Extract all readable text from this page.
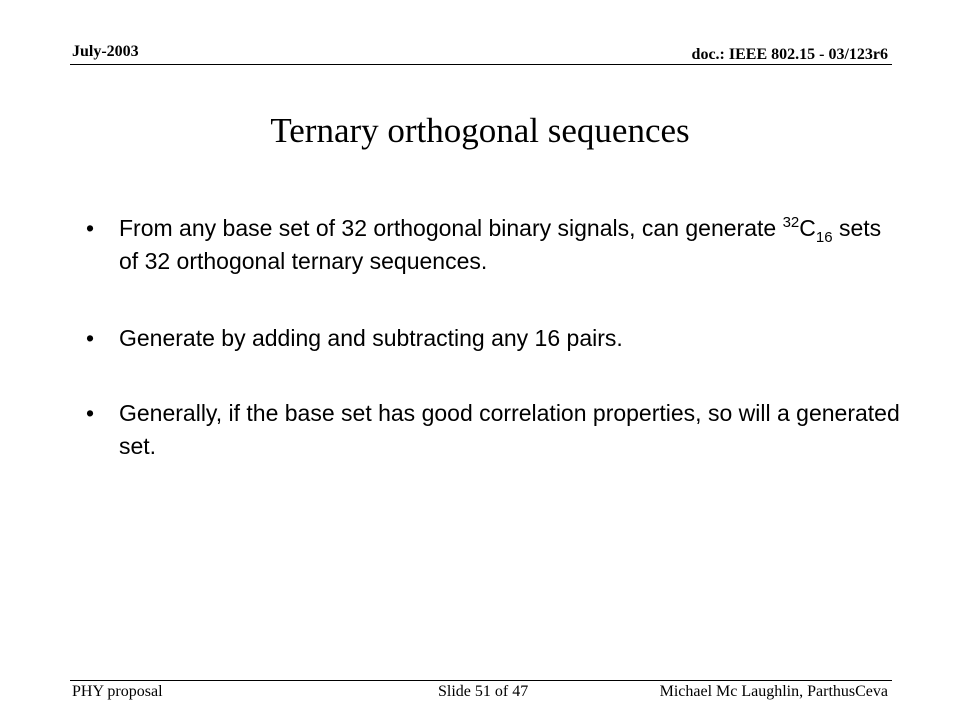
July-2003	doc.: IEEE 802.15 - 03/123r6
Ternary orthogonal sequences
• From any base set of 32 orthogonal binary signals, can generate $^{32}C_{16}$ sets of 32 orthogonal ternary sequences.
• Generate by adding and subtracting any 16 pairs.
• Generally, if the base set has good correlation properties, so will a generated set.
PHY proposal	Slide 51 of 47	Michael Mc Laughlin, ParthusCeva
